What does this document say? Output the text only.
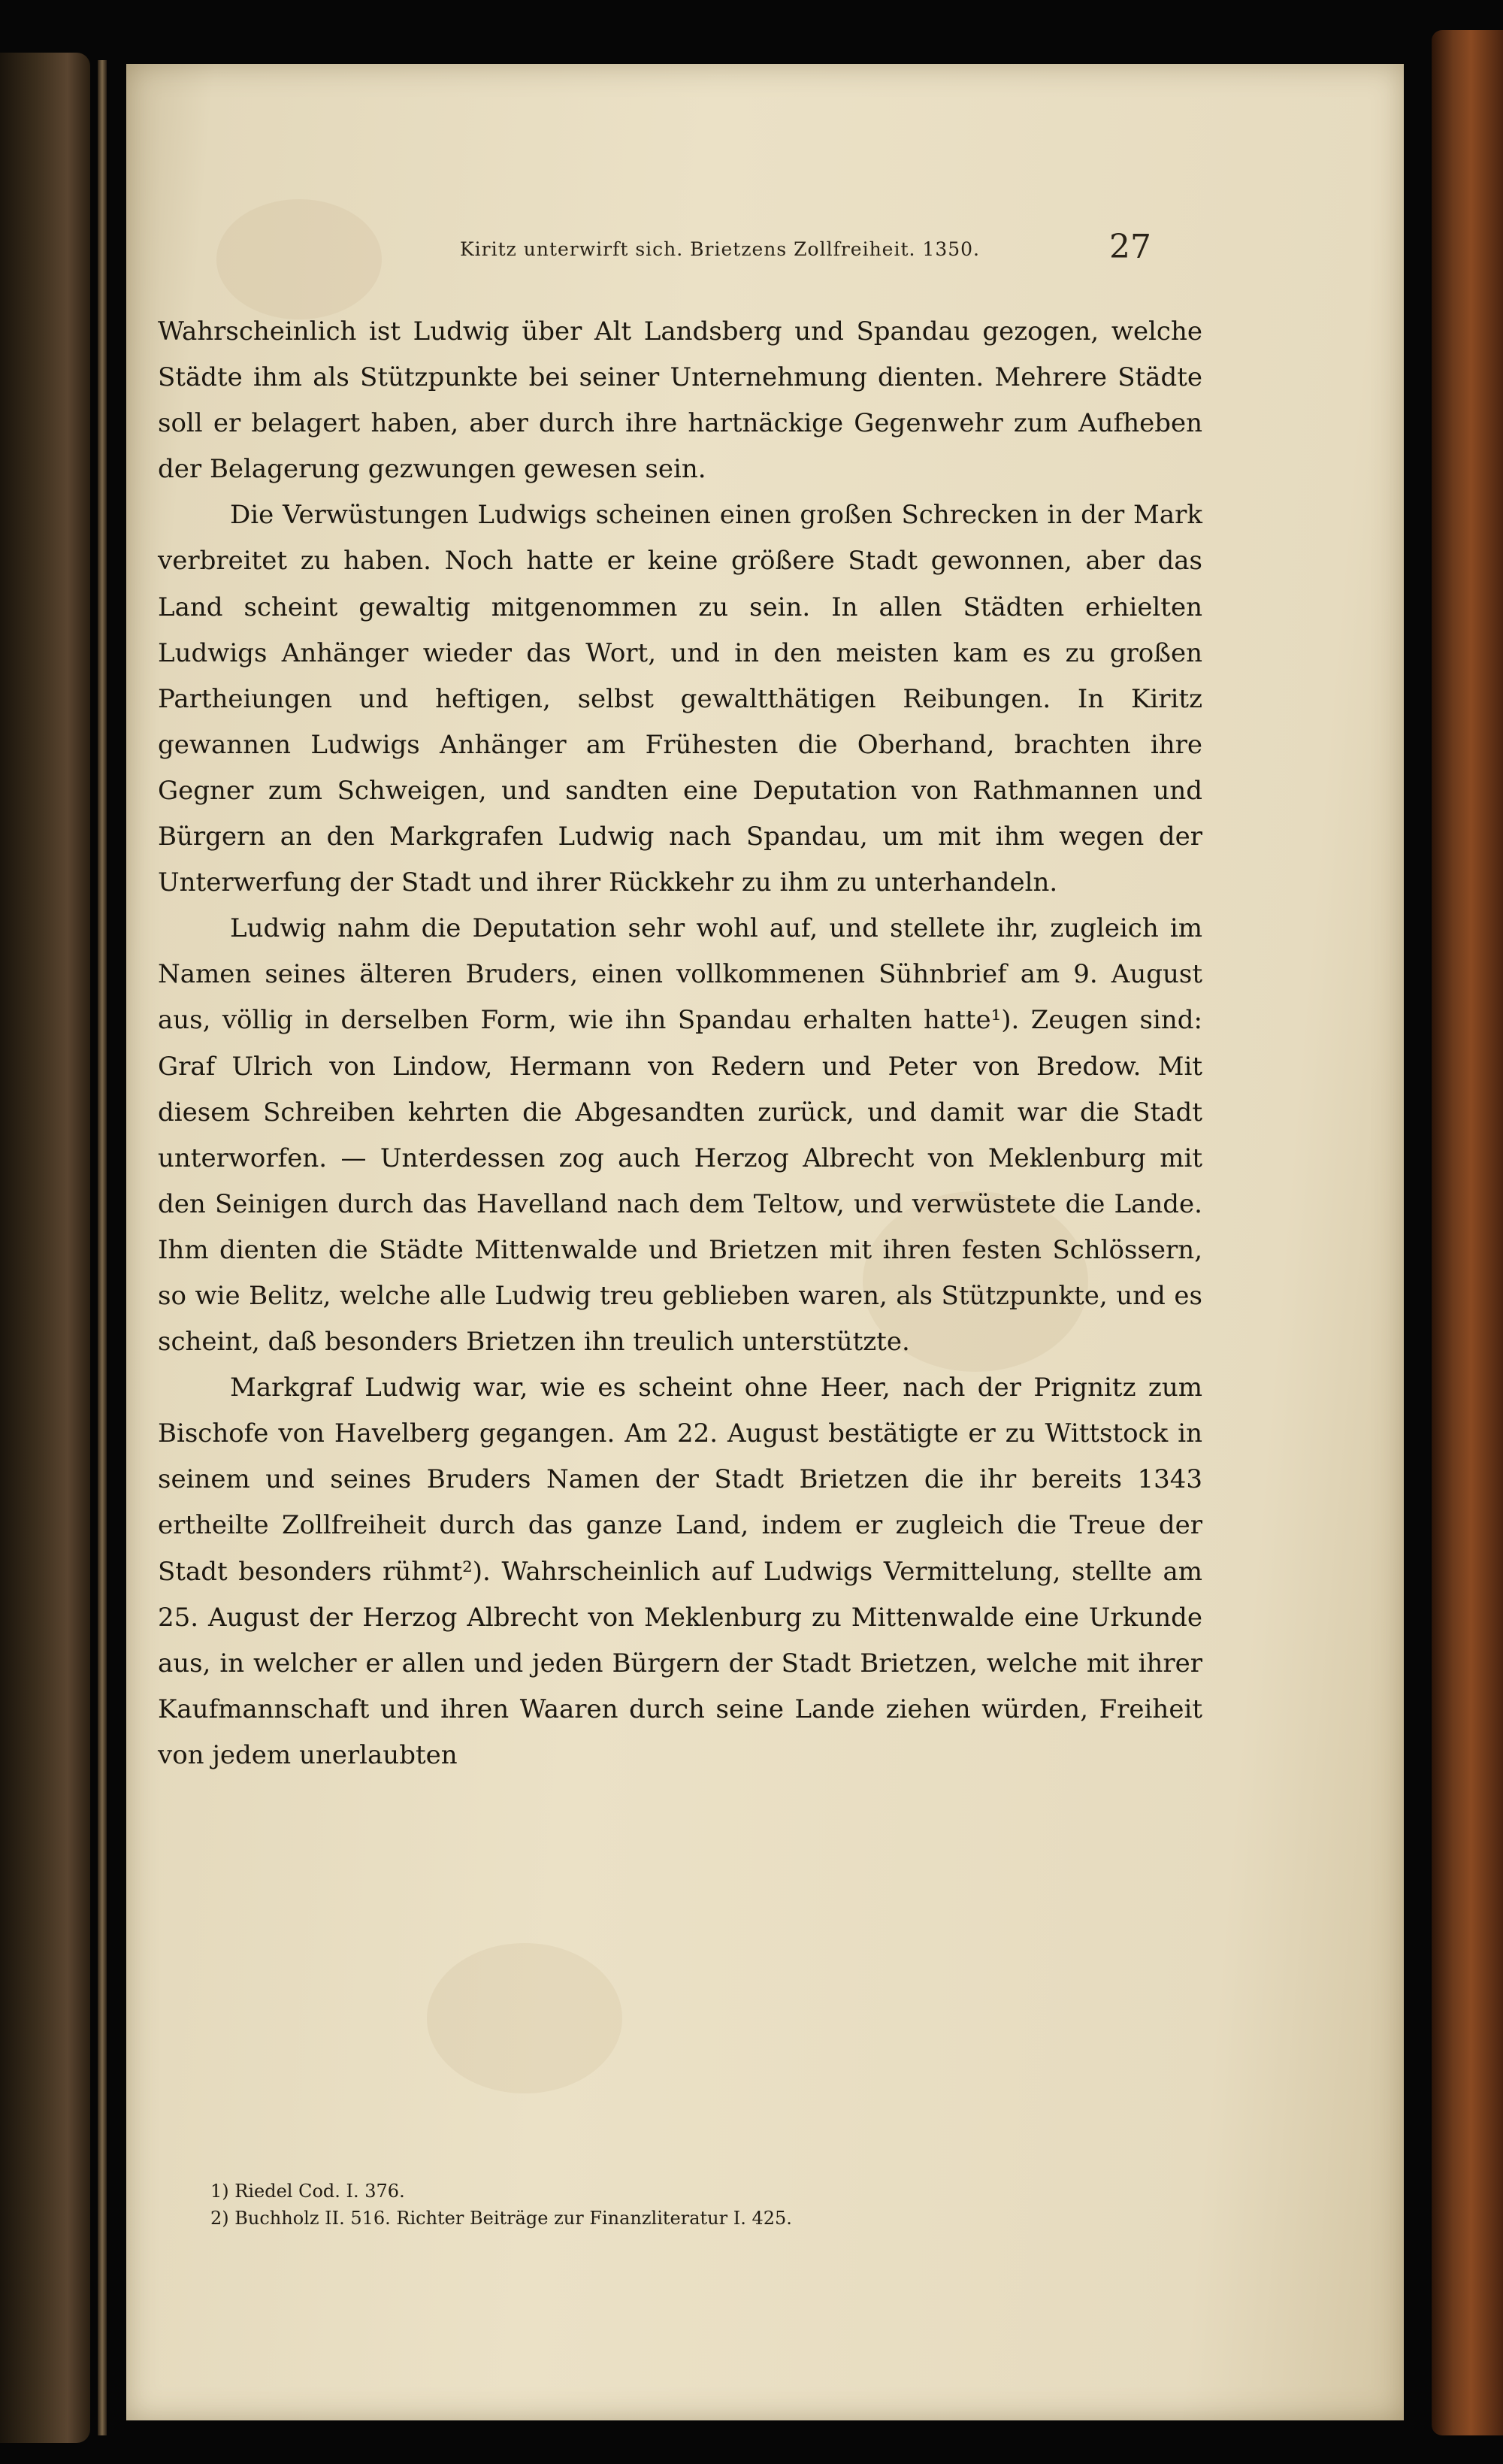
Kiritz unterwirft sich. Brietzens Zollfreiheit. 1350.	27

Wahrscheinlich ist Ludwig über Alt Landsberg und Spandau gezogen, welche Städte ihm als Stützpunkte bei seiner Unternehmung dienten. Mehrere Städte soll er belagert haben, aber durch ihre hartnäckige Gegenwehr zum Aufheben der Belagerung gezwungen gewesen sein.

Die Verwüstungen Ludwigs scheinen einen großen Schrecken in der Mark verbreitet zu haben. Noch hatte er keine größere Stadt gewonnen, aber das Land scheint gewaltig mitgenommen zu sein. In allen Städten erhielten Ludwigs Anhänger wieder das Wort, und in den meisten kam es zu großen Partheiungen und heftigen, selbst gewaltthätigen Reibungen. In Kiritz gewannen Ludwigs Anhänger am Frühesten die Oberhand, brachten ihre Gegner zum Schweigen, und sandten eine Deputation von Rathmannen und Bürgern an den Markgrafen Ludwig nach Spandau, um mit ihm wegen der Unterwerfung der Stadt und ihrer Rückkehr zu ihm zu unterhandeln.

Ludwig nahm die Deputation sehr wohl auf, und stellete ihr, zugleich im Namen seines älteren Bruders, einen vollkommenen Sühnbrief am 9. August aus, völlig in derselben Form, wie ihn Spandau erhalten hatte¹). Zeugen sind: Graf Ulrich von Lindow, Hermann von Redern und Peter von Bredow. Mit diesem Schreiben kehrten die Abgesandten zurück, und damit war die Stadt unterworfen. — Unterdessen zog auch Herzog Albrecht von Meklenburg mit den Seinigen durch das Havelland nach dem Teltow, und verwüstete die Lande. Ihm dienten die Städte Mittenwalde und Brietzen mit ihren festen Schlössern, so wie Belitz, welche alle Ludwig treu geblieben waren, als Stützpunkte, und es scheint, daß besonders Brietzen ihn treulich unterstützte.

Markgraf Ludwig war, wie es scheint ohne Heer, nach der Prignitz zum Bischofe von Havelberg gegangen. Am 22. August bestätigte er zu Wittstock in seinem und seines Bruders Namen der Stadt Brietzen die ihr bereits 1343 ertheilte Zollfreiheit durch das ganze Land, indem er zugleich die Treue der Stadt besonders rühmt²). Wahrscheinlich auf Ludwigs Vermittelung, stellte am 25. August der Herzog Albrecht von Meklenburg zu Mittenwalde eine Urkunde aus, in welcher er allen und jeden Bürgern der Stadt Brietzen, welche mit ihrer Kaufmannschaft und ihren Waaren durch seine Lande ziehen würden, Freiheit von jedem unerlaubten

1) Riedel Cod. I. 376.
2) Buchholz II. 516. Richter Beiträge zur Finanzliteratur I. 425.
